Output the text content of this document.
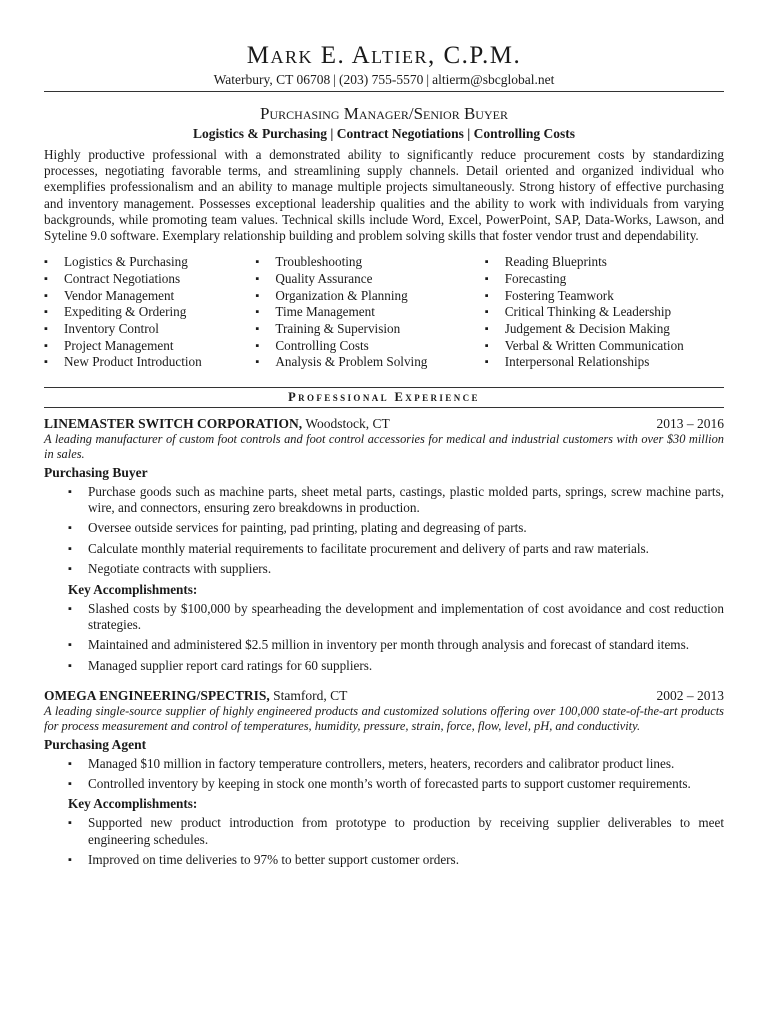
Mark E. Altier, C.P.M.
Waterbury, CT 06708 | (203) 755-5570 | altierm@sbcglobal.net
Purchasing Manager/Senior Buyer
Logistics & Purchasing | Contract Negotiations | Controlling Costs
Highly productive professional with a demonstrated ability to significantly reduce procurement costs by standardizing processes, negotiating favorable terms, and streamlining supply channels. Detail oriented and organized individual who exemplifies professionalism and an ability to manage multiple projects simultaneously. Strong history of effective purchasing and inventory management. Possesses exceptional leadership qualities and the ability to work with individuals from varying backgrounds, while promoting team values. Technical skills include Word, Excel, PowerPoint, SAP, Data-Works, Lawson, and Syteline 9.0 software. Exemplary relationship building and problem solving skills that foster vendor trust and dependability.
▪ Logistics & Purchasing
▪ Contract Negotiations
▪ Vendor Management
▪ Expediting & Ordering
▪ Inventory Control
▪ Project Management
▪ New Product Introduction
▪ Troubleshooting
▪ Quality Assurance
▪ Organization & Planning
▪ Time Management
▪ Training & Supervision
▪ Controlling Costs
▪ Analysis & Problem Solving
▪ Reading Blueprints
▪ Forecasting
▪ Fostering Teamwork
▪ Critical Thinking & Leadership
▪ Judgement & Decision Making
▪ Verbal & Written Communication
▪ Interpersonal Relationships
Professional Experience
LINEMASTER SWITCH CORPORATION, Woodstock, CT	2013 – 2016
A leading manufacturer of custom foot controls and foot control accessories for medical and industrial customers with over $30 million in sales.
Purchasing Buyer
▪ Purchase goods such as machine parts, sheet metal parts, castings, plastic molded parts, springs, screw machine parts, wire, and connectors, ensuring zero breakdowns in production.
▪ Oversee outside services for painting, pad printing, plating and degreasing of parts.
▪ Calculate monthly material requirements to facilitate procurement and delivery of parts and raw materials.
▪ Negotiate contracts with suppliers.
Key Accomplishments:
▪ Slashed costs by $100,000 by spearheading the development and implementation of cost avoidance and cost reduction strategies.
▪ Maintained and administered $2.5 million in inventory per month through analysis and forecast of standard items.
▪ Managed supplier report card ratings for 60 suppliers.
OMEGA ENGINEERING/SPECTRIS, Stamford, CT	2002 – 2013
A leading single-source supplier of highly engineered products and customized solutions offering over 100,000 state-of-the-art products for process measurement and control of temperatures, humidity, pressure, strain, force, flow, level, pH, and conductivity.
Purchasing Agent
▪ Managed $10 million in factory temperature controllers, meters, heaters, recorders and calibrator product lines.
▪ Controlled inventory by keeping in stock one month’s worth of forecasted parts to support customer requirements.
Key Accomplishments:
▪ Supported new product introduction from prototype to production by receiving supplier deliverables to meet engineering schedules.
▪ Improved on time deliveries to 97% to better support customer orders.
